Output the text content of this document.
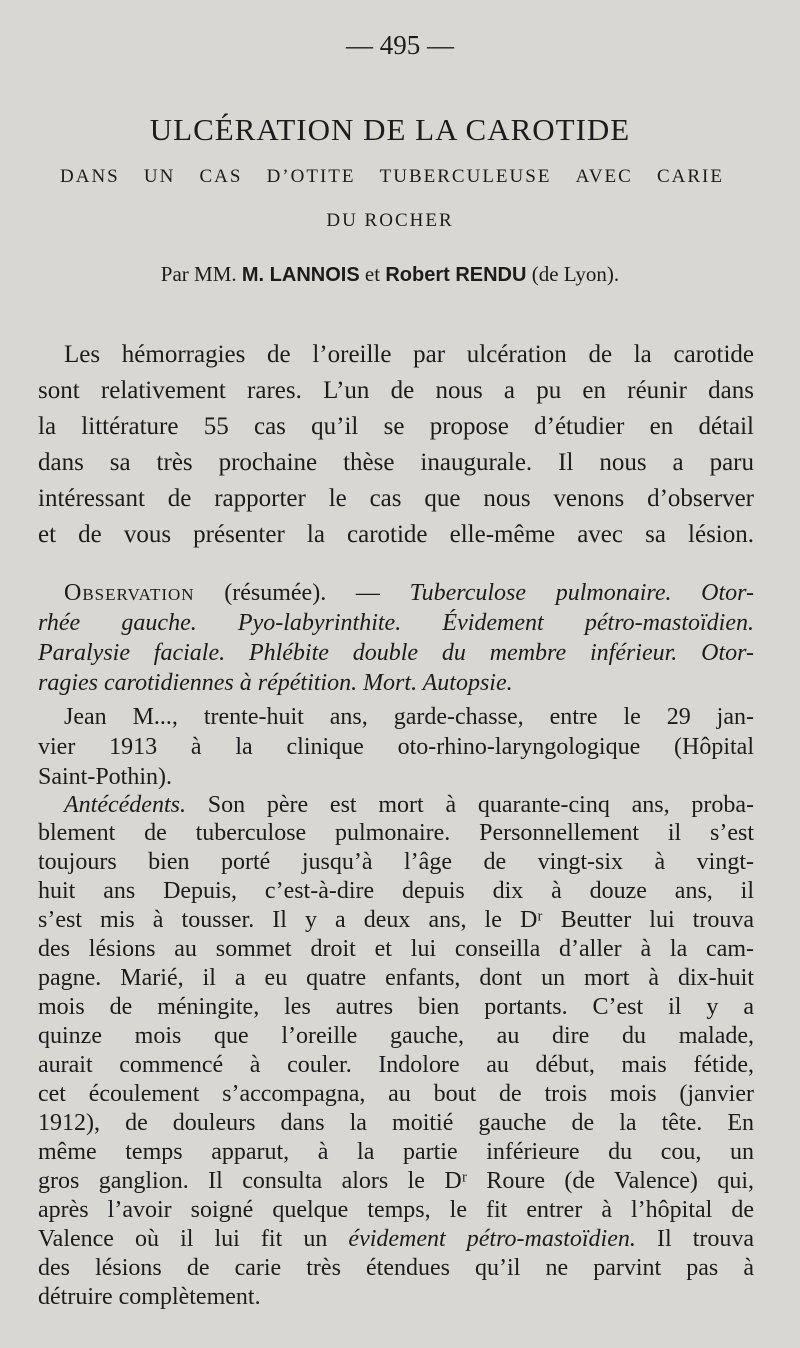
— 495 —
ULCÉRATION DE LA CAROTIDE
DANS UN CAS D’OTITE TUBERCULEUSE AVEC CARIE
DU ROCHER
Par MM. M. LANNOIS et Robert RENDU (de Lyon).
Les hémorragies de l’oreille par ulcération de la carotide
sont relativement rares. L’un de nous a pu en réunir dans
la littérature 55 cas qu’il se propose d’étudier en détail
dans sa très prochaine thèse inaugurale. Il nous a paru
intéressant de rapporter le cas que nous venons d’observer
et de vous présenter la carotide elle-même avec sa lésion.
Observation (résumée). — Tuberculose pulmonaire. Otor-
rhée gauche. Pyo-labyrinthite. Évidement pétro-mastoïdien.
Paralysie faciale. Phlébite double du membre inférieur. Otor-
ragies carotidiennes à répétition. Mort. Autopsie.
Jean M..., trente-huit ans, garde-chasse, entre le 29 jan-
vier 1913 à la clinique oto-rhino-laryngologique (Hôpital
Saint-Pothin).
Antécédents. Son père est mort à quarante-cinq ans, proba-
blement de tuberculose pulmonaire. Personnellement il s’est
toujours bien porté jusqu’à l’âge de vingt-six à vingt-
huit ans Depuis, c’est-à-dire depuis dix à douze ans, il
s’est mis à tousser. Il y a deux ans, le Dʳ Beutter lui trouva
des lésions au sommet droit et lui conseilla d’aller à la cam-
pagne. Marié, il a eu quatre enfants, dont un mort à dix-huit
mois de méningite, les autres bien portants. C’est il y a
quinze mois que l’oreille gauche, au dire du malade,
aurait commencé à couler. Indolore au début, mais fétide,
cet écoulement s’accompagna, au bout de trois mois (janvier
1912), de douleurs dans la moitié gauche de la tête. En
même temps apparut, à la partie inférieure du cou, un
gros ganglion. Il consulta alors le Dʳ Roure (de Valence) qui,
après l’avoir soigné quelque temps, le fit entrer à l’hôpital de
Valence où il lui fit un évidement pétro-mastoïdien. Il trouva
des lésions de carie très étendues qu’il ne parvint pas à
détruire complètement.
